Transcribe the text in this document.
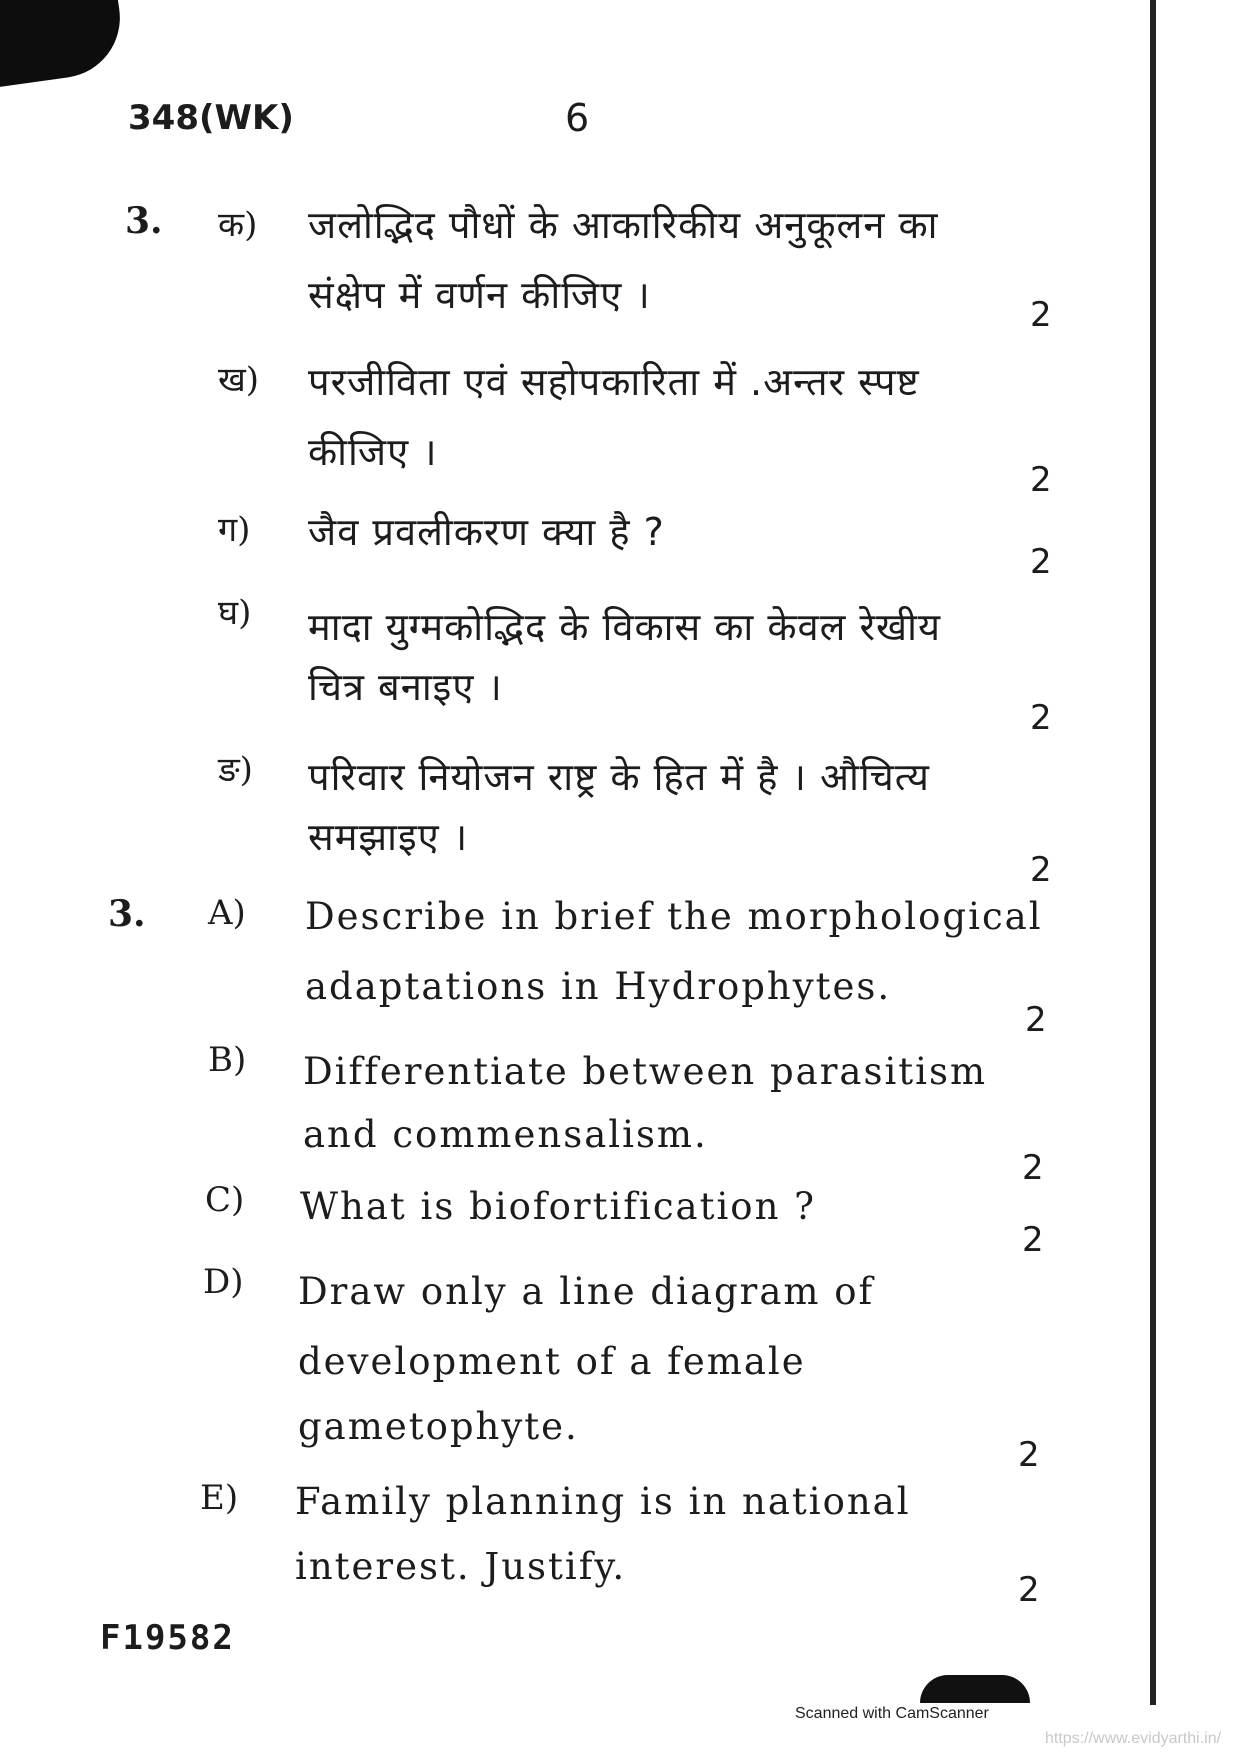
348(WK)	6
3. क) जलोद्भिद पौधों के आकारिकीय अनुकूलन का
संक्षेप में वर्णन कीजिए ।	2
ख) परजीविता एवं सहोपकारिता में .अन्तर स्पष्ट
कीजिए ।
2
ग) जैव प्रवलीकरण क्या है ?
2
घ) मादा युग्मकोद्भिद के विकास का केवल रेखीय
चित्र बनाइए ।
2
ङ) परिवार नियोजन राष्ट्र के हित में है । औचित्य
समझाइए ।
2
3. A) Describe in brief the morphological
adaptations in Hydrophytes.
2
B) Differentiate between parasitism
and commensalism.
2
C) What is biofortification ?
2
D) Draw only a line diagram of
development of a female
gametophyte.
2
E) Family planning is in national
interest. Justify.
2
F19582
Scanned with CamScanner
https://www.evidyarthi.in/
